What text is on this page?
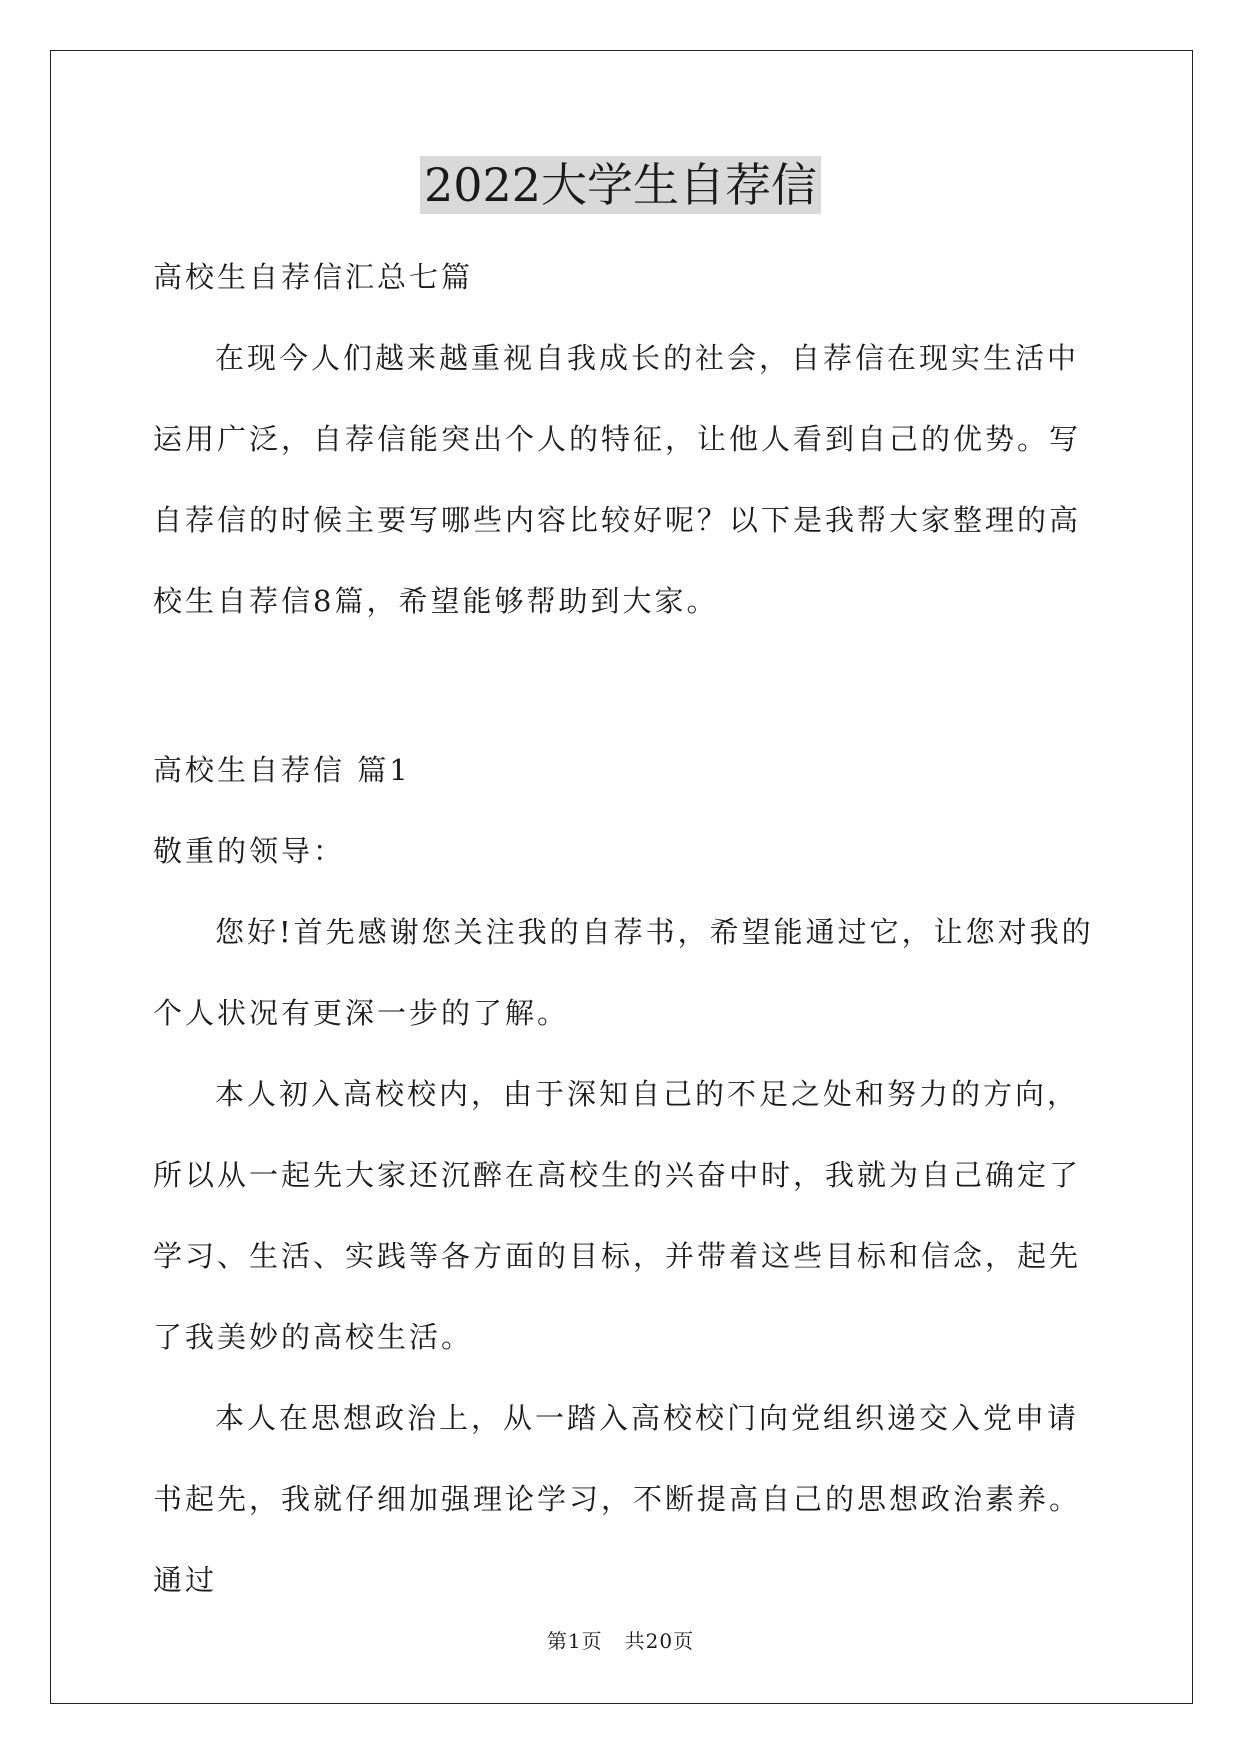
2022大学生自荐信

高校生自荐信汇总七篇

在现今人们越来越重视自我成长的社会，自荐信在现实生活中运用广泛，自荐信能突出个人的特征，让他人看到自己的优势。写自荐信的时候主要写哪些内容比较好呢？以下是我帮大家整理的高校生自荐信8篇，希望能够帮助到大家。

高校生自荐信 篇1

敬重的领导：

您好!首先感谢您关注我的自荐书，希望能通过它，让您对我的个人状况有更深一步的了解。

本人初入高校校内，由于深知自己的不足之处和努力的方向，所以从一起先大家还沉醉在高校生的兴奋中时，我就为自己确定了学习、生活、实践等各方面的目标，并带着这些目标和信念，起先了我美妙的高校生活。

本人在思想政治上，从一踏入高校校门向党组织递交入党申请书起先，我就仔细加强理论学习，不断提高自己的思想政治素养。通过

第1页 共20页
